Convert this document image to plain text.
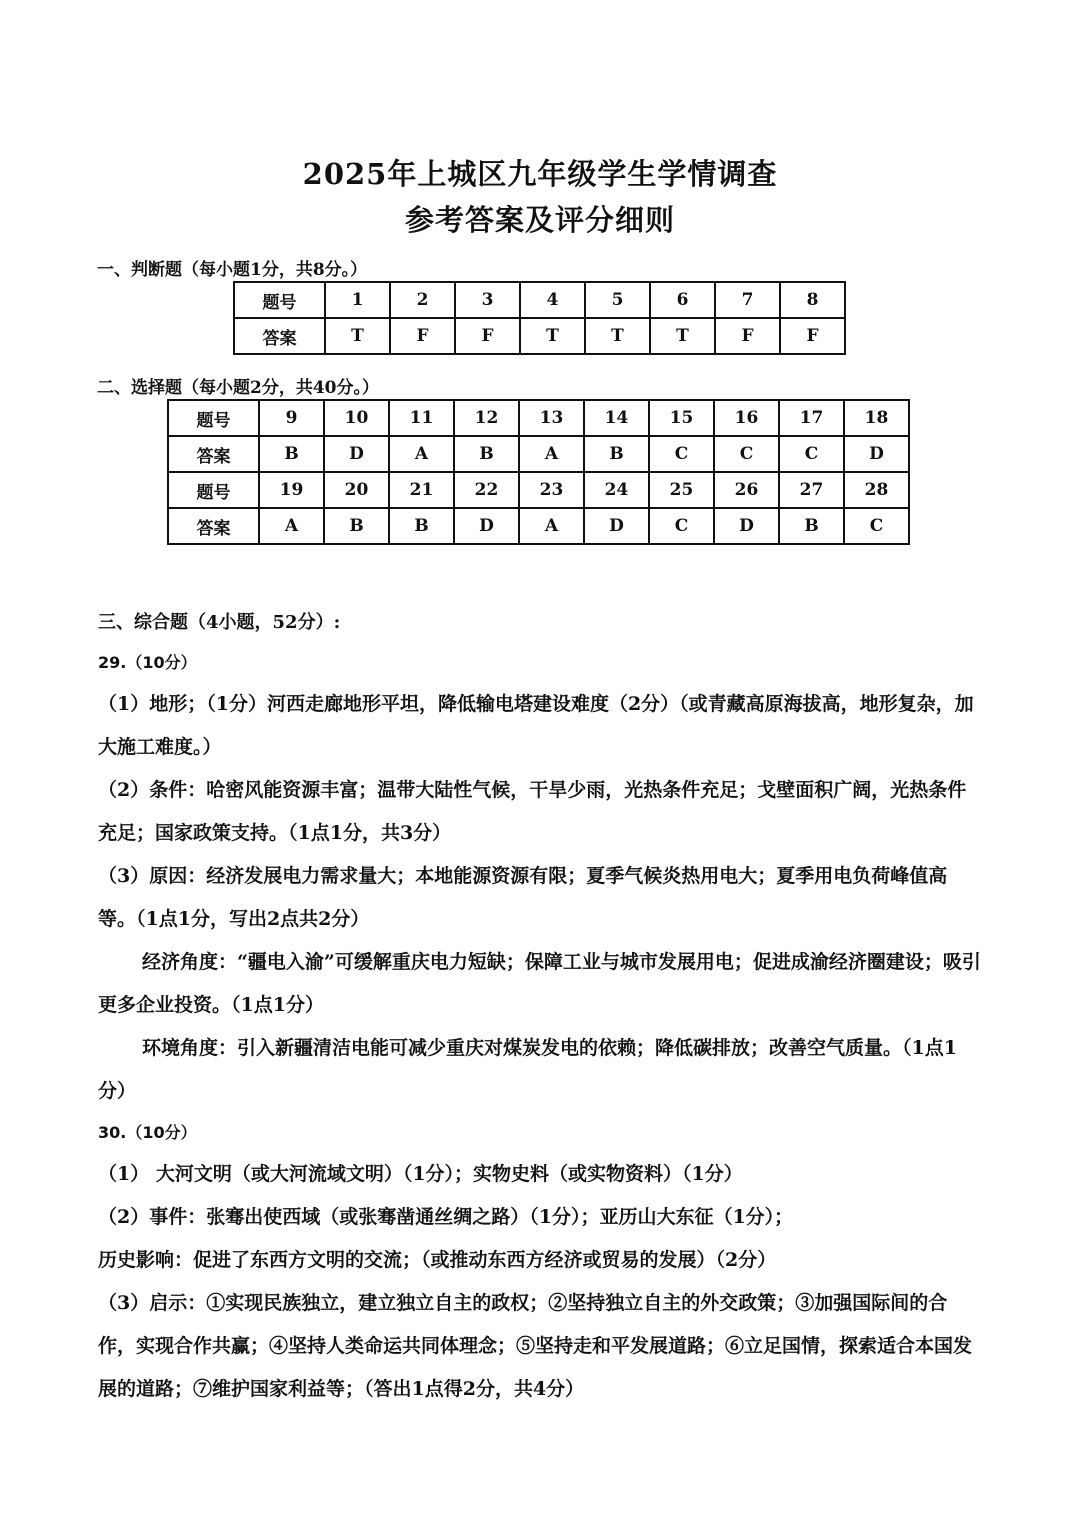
2025年上城区九年级学生学情调查
参考答案及评分细则
一、判断题（每小题1分，共8分。）
题号	1	2	3	4	5	6	7	8
答案	T	F	F	T	T	T	F	F
二、选择题（每小题2分，共40分。）
题号	9	10	11	12	13	14	15	16	17	18
答案	B	D	A	B	A	B	C	C	C	D
题号	19	20	21	22	23	24	25	26	27	28
答案	A	B	B	D	A	D	C	D	B	C

三、综合题（4小题，52分）:

29.（10分）

（1）地形；（1分）河西走廊地形平坦，降低输电塔建设难度（2分）（或青藏高原海拔高，地形复杂，加大施工难度。）

（2）条件：哈密风能资源丰富；温带大陆性气候，干旱少雨，光热条件充足；戈壁面积广阔，光热条件充足；国家政策支持。（1点1分，共3分）

（3）原因：经济发展电力需求量大；本地能源资源有限；夏季气候炎热用电大；夏季用电负荷峰值高等。（1点1分，写出2点共2分）

经济角度：“疆电入渝”可缓解重庆电力短缺；保障工业与城市发展用电；促进成渝经济圈建设；吸引更多企业投资。（1点1分）

环境角度：引入新疆清洁电能可减少重庆对煤炭发电的依赖；降低碳排放；改善空气质量。（1点1分）

30.（10分）

（1） 大河文明（或大河流域文明）（1分）；实物史料（或实物资料）（1分）

（2）事件：张骞出使西域（或张骞凿通丝绸之路）（1分）；亚历山大东征（1分）；

历史影响：促进了东西方文明的交流；（或推动东西方经济或贸易的发展）（2分）

（3）启示：①实现民族独立，建立独立自主的政权；②坚持独立自主的外交政策；③加强国际间的合作，实现合作共赢；④坚持人类命运共同体理念；⑤坚持走和平发展道路；⑥立足国情，探索适合本国发展的道路；⑦维护国家利益等；（答出1点得2分，共4分）
